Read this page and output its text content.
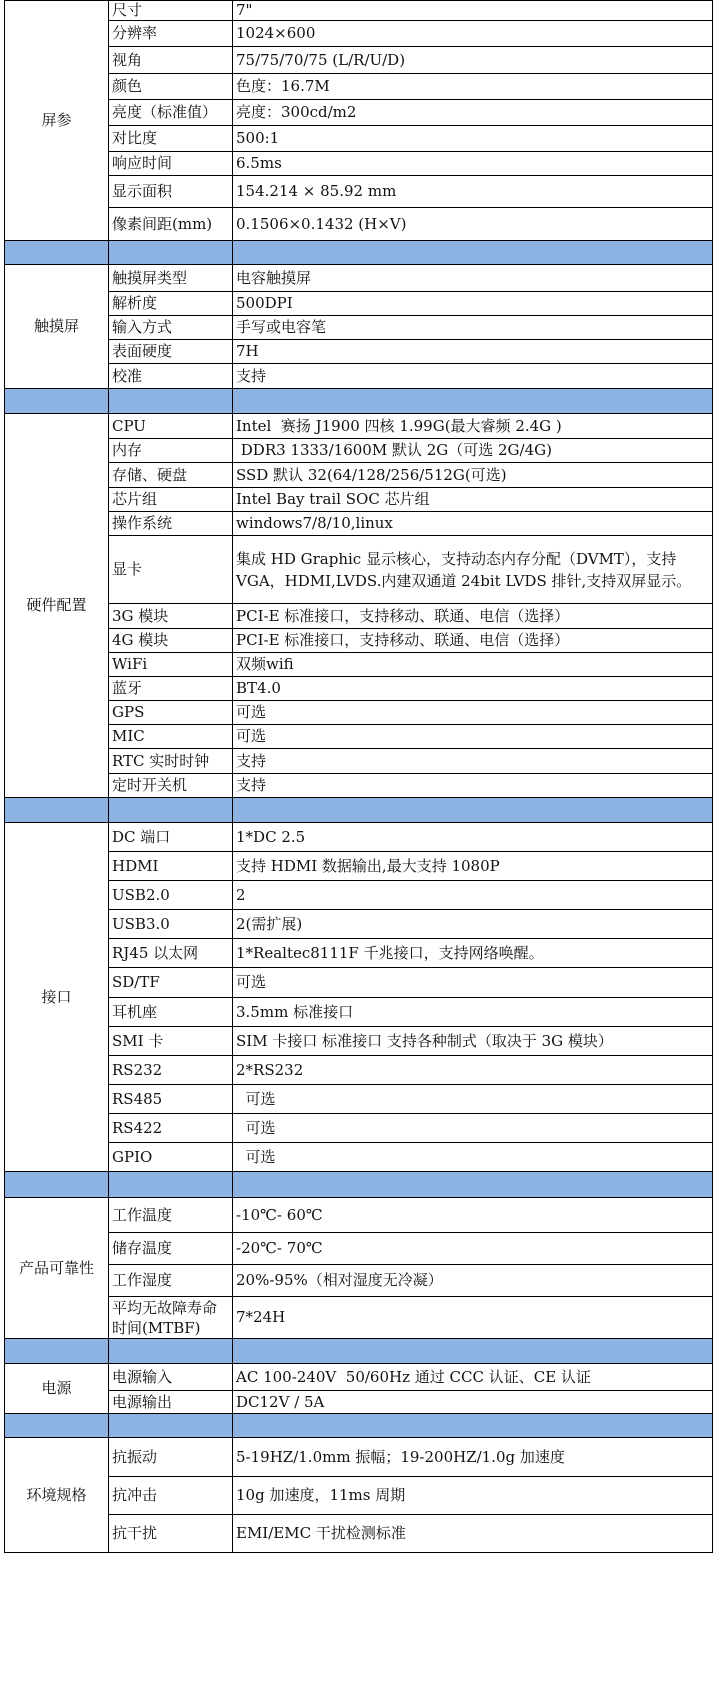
屏参	尺寸	7"
	分辨率	1024×600
	视角	75/75/70/75 (L/R/U/D)
	颜色	色度：16.7M
	亮度（标准值）	亮度：300cd/m2
	对比度	500:1
	响应时间	6.5ms
	显示面积	154.214 × 85.92 mm
	像素间距(mm)	0.1506×0.1432 (H×V)

触摸屏	触摸屏类型	电容触摸屏
	解析度	500DPI
	输入方式	手写或电容笔
	表面硬度	7H
	校准	支持

硬件配置	CPU	Intel  赛扬 J1900 四核 1.99G(最大睿频 2.4G )
	内存	DDR3 1333/1600M 默认 2G（可选 2G/4G)
	存储、硬盘	SSD 默认 32(64/128/256/512G(可选)
	芯片组	Intel Bay trail SOC 芯片组
	操作系统	windows7/8/10,linux
	显卡	集成 HD Graphic 显示核心，支持动态内存分配（DVMT），支持 VGA，HDMI,LVDS.内建双通道 24bit LVDS 排针,支持双屏显示。
	3G 模块	PCI-E 标准接口，支持移动、联通、电信（选择）
	4G 模块	PCI-E 标准接口，支持移动、联通、电信（选择）
	WiFi	双频wifi
	蓝牙	BT4.0
	GPS	可选
	MIC	可选
	RTC 实时时钟	支持
	定时开关机	支持

接口	DC 端口	1*DC 2.5
	HDMI	支持 HDMI 数据输出,最大支持 1080P
	USB2.0	2
	USB3.0	2(需扩展)
	RJ45 以太网	1*Realtec8111F 千兆接口，支持网络唤醒。
	SD/TF	可选
	耳机座	3.5mm 标准接口
	SMI 卡	SIM 卡接口 标准接口 支持各种制式（取决于 3G 模块）
	RS232	2*RS232
	RS485	可选
	RS422	可选
	GPIO	可选

产品可靠性	工作温度	-10℃- 60℃
	储存温度	-20℃- 70℃
	工作湿度	20%-95%（相对湿度无冷凝）
	平均无故障寿命时间(MTBF)	7*24H

电源	电源输入	AC 100-240V  50/60Hz 通过 CCC 认证、CE 认证
	电源输出	DC12V / 5A

环境规格	抗振动	5-19HZ/1.0mm 振幅；19-200HZ/1.0g 加速度
	抗冲击	10g 加速度，11ms 周期
	抗干扰	EMI/EMC 干扰检测标准
